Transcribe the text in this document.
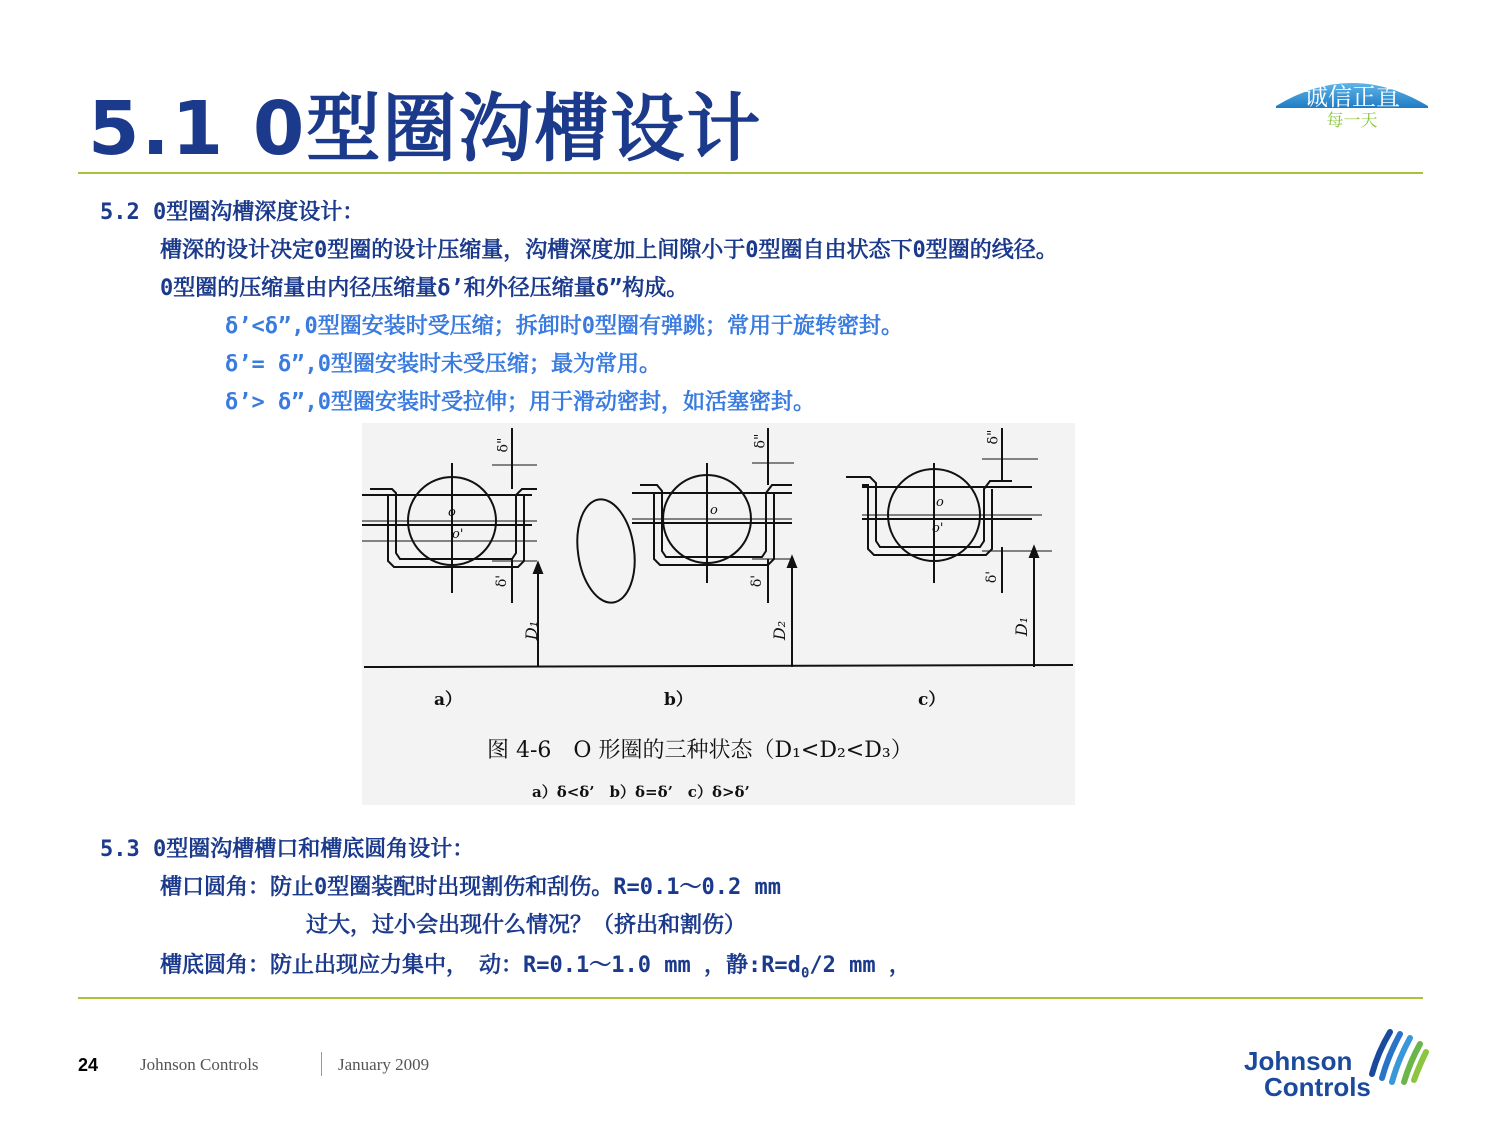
5.1 0型圈沟槽设计	诚信正直
每一天
5.2 0型圈沟槽深度设计：
槽深的设计决定0型圈的设计压缩量，沟槽深度加上间隙小于0型圈自由状态下0型圈的线径。
0型圈的压缩量由内径压缩量δ’和外径压缩量δ”构成。
δ’<δ”,0型圈安装时受压缩；拆卸时0型圈有弹跳；常用于旋转密封。
δ’= δ”,0型圈安装时未受压缩；最为常用。
δ’> δ”,0型圈安装时受拉伸；用于滑动密封，如活塞密封。
δ"
δ'
o
o'
D₁
δ"
δ'
o
D₂
δ"
δ'
o
o'
D₁
a）	b）	c）
图 4-6　O 形圈的三种状态（D₁<D₂<D₃）
a）δ<δ’　b）δ=δ’　c）δ>δ’
5.3 0型圈沟槽槽口和槽底圆角设计：
槽口圆角：防止0型圈装配时出现割伤和刮伤。R=0.1～0.2 mm
过大，过小会出现什么情况？（挤出和割伤）
槽底圆角：防止出现应力集中，　动：R=0.1～1.0 mm ，静$:R=d_0/2$ mm ，
24 Johnson Controls	January 2009	Johnson
Controls
